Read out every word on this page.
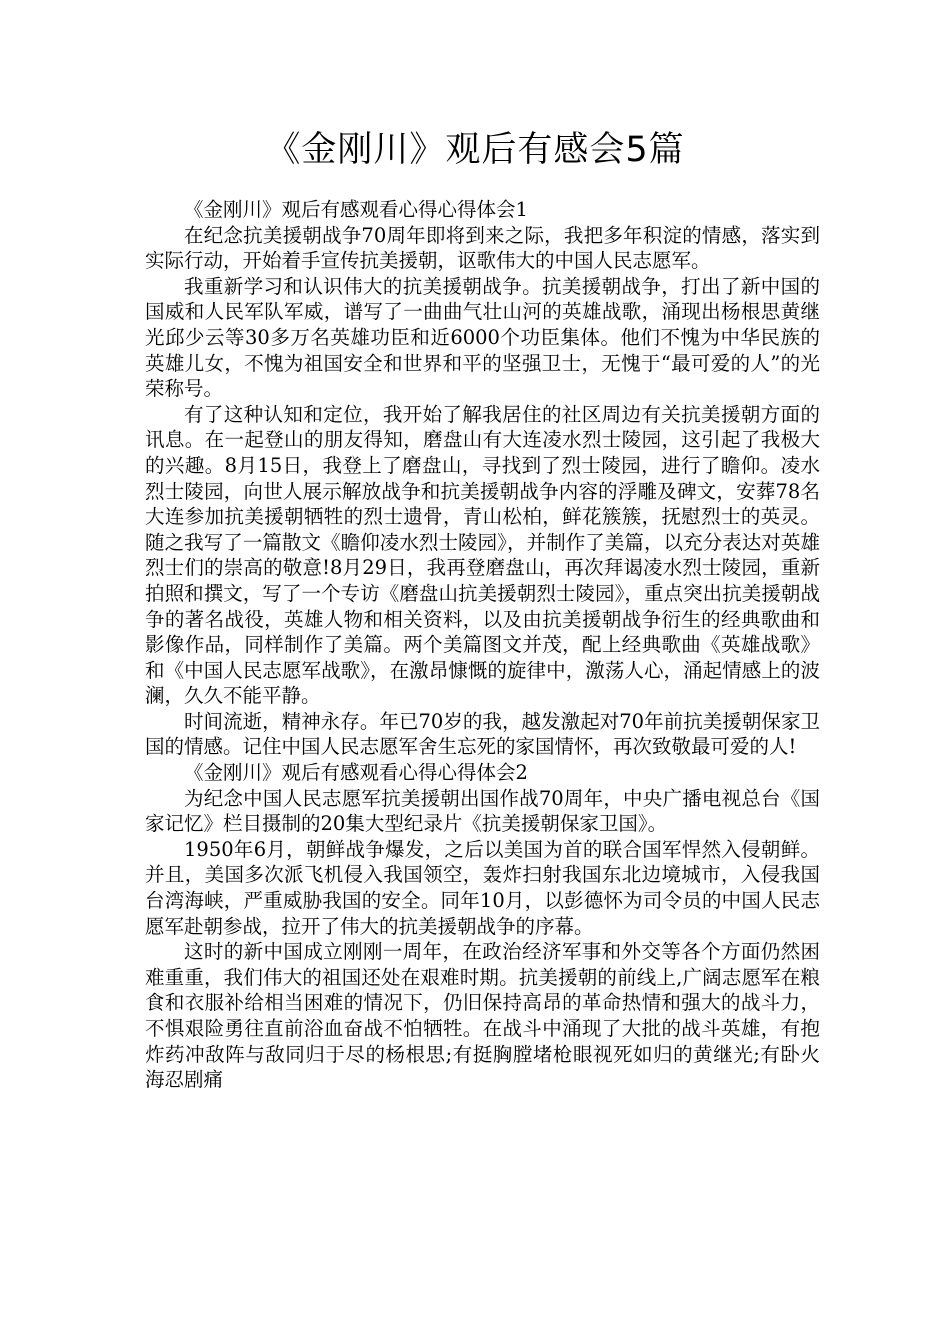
《金刚川》观后有感会5篇

《金刚川》观后有感观看心得心得体会1

在纪念抗美援朝战争70周年即将到来之际，我把多年积淀的情感，落实到实际行动，开始着手宣传抗美援朝，讴歌伟大的中国人民志愿军。

我重新学习和认识伟大的抗美援朝战争。抗美援朝战争，打出了新中国的国威和人民军队军威，谱写了一曲曲气壮山河的英雄战歌，涌现出杨根思黄继光邱少云等30多万名英雄功臣和近6000个功臣集体。他们不愧为中华民族的英雄儿女，不愧为祖国安全和世界和平的坚强卫士，无愧于“最可爱的人”的光荣称号。

有了这种认知和定位，我开始了解我居住的社区周边有关抗美援朝方面的讯息。在一起登山的朋友得知，磨盘山有大连凌水烈士陵园，这引起了我极大的兴趣。8月15日，我登上了磨盘山，寻找到了烈士陵园，进行了瞻仰。凌水烈士陵园，向世人展示解放战争和抗美援朝战争内容的浮雕及碑文，安葬78名大连参加抗美援朝牺牲的烈士遗骨，青山松柏，鲜花簇簇，抚慰烈士的英灵。随之我写了一篇散文《瞻仰凌水烈士陵园》，并制作了美篇，以充分表达对英雄烈士们的崇高的敬意!8月29日，我再登磨盘山，再次拜谒凌水烈士陵园，重新拍照和撰文，写了一个专访《磨盘山抗美援朝烈士陵园》，重点突出抗美援朝战争的著名战役，英雄人物和相关资料，以及由抗美援朝战争衍生的经典歌曲和影像作品，同样制作了美篇。两个美篇图文并茂，配上经典歌曲《英雄战歌》和《中国人民志愿军战歌》，在激昂慷慨的旋律中，激荡人心，涌起情感上的波澜，久久不能平静。

时间流逝，精神永存。年已70岁的我，越发激起对70年前抗美援朝保家卫国的情感。记住中国人民志愿军舍生忘死的家国情怀，再次致敬最可爱的人!

《金刚川》观后有感观看心得心得体会2

为纪念中国人民志愿军抗美援朝出国作战70周年，中央广播电视总台《国家记忆》栏目摄制的20集大型纪录片《抗美援朝保家卫国》。

1950年6月，朝鲜战争爆发，之后以美国为首的联合国军悍然入侵朝鲜。并且，美国多次派飞机侵入我国领空，轰炸扫射我国东北边境城市，入侵我国台湾海峡，严重威胁我国的安全。同年10月，以彭德怀为司令员的中国人民志愿军赴朝参战，拉开了伟大的抗美援朝战争的序幕。

这时的新中国成立刚刚一周年，在政治经济军事和外交等各个方面仍然困难重重，我们伟大的祖国还处在艰难时期。抗美援朝的前线上,广阔志愿军在粮食和衣服补给相当困难的情况下，仍旧保持高昂的革命热情和强大的战斗力，不惧艰险勇往直前浴血奋战不怕牺牲。在战斗中涌现了大批的战斗英雄，有抱炸药冲敌阵与敌同归于尽的杨根思;有挺胸膛堵枪眼视死如归的黄继光;有卧火海忍剧痛
